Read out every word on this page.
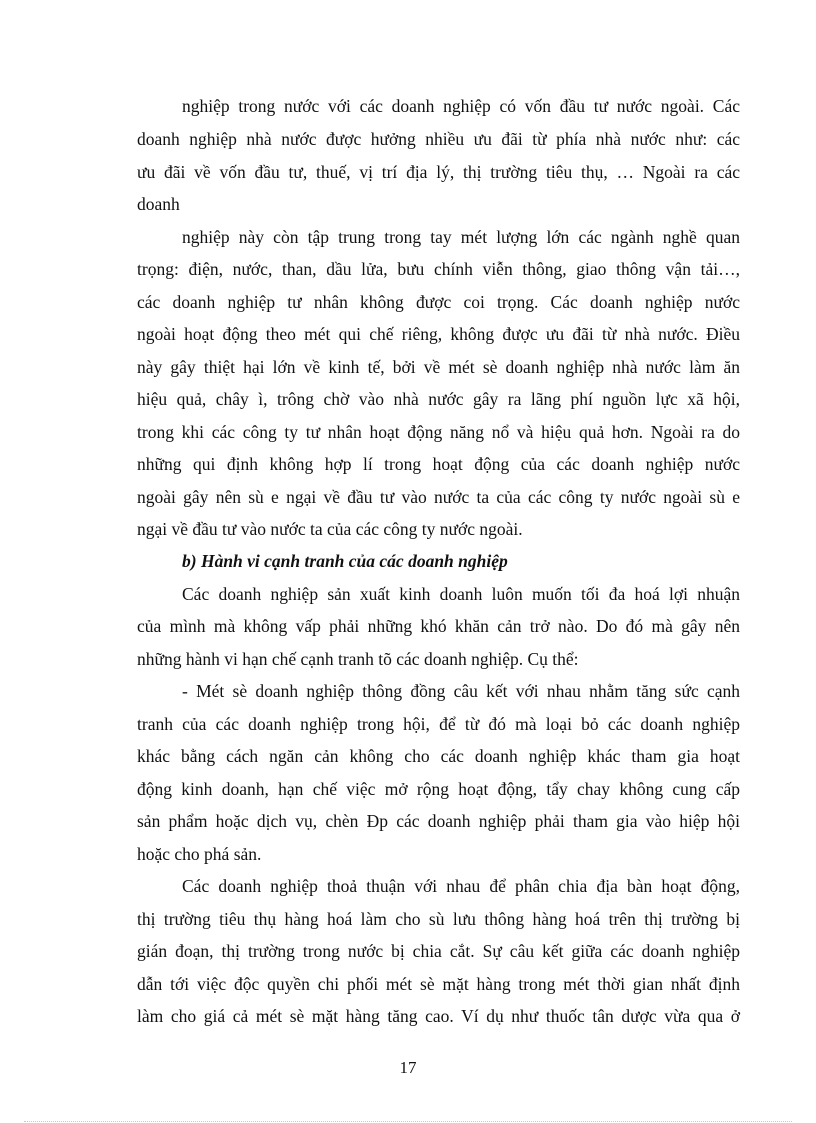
nghiệp trong nước với các doanh nghiệp có vốn đầu tư nước ngoài. Các
doanh nghiệp nhà nước được hưởng nhiều ưu đãi từ phía nhà nước như: các
ưu đãi về vốn đầu tư, thuế, vị trí địa lý, thị trường tiêu thụ, … Ngoài ra các
doanh
nghiệp này còn tập trung trong tay mét lượng lớn các ngành nghề quan
trọng: điện, nước, than, dầu lửa, bưu chính viễn thông, giao thông vận tải…,
các doanh nghiệp tư nhân không được coi trọng. Các doanh nghiệp nước
ngoài hoạt động theo mét qui chế riêng, không được ưu đãi từ nhà nước. Điều
này gây thiệt hại lớn về kinh tế, bởi về mét sè doanh nghiệp nhà nước làm ăn
hiệu quả, chây ì, trông chờ vào nhà nước gây ra lãng phí nguồn lực xã hội,
trong khi các công ty tư nhân hoạt động năng nổ và hiệu quả hơn. Ngoài ra do
những qui định không hợp lí trong hoạt động của các doanh nghiệp nước
ngoài gây nên sù e ngại về đầu tư vào nước ta của các công ty nước ngoài sù e
ngại về đầu tư vào nước ta của các công ty nước ngoài.
b) Hành vi cạnh tranh của các doanh nghiệp
Các doanh nghiệp sản xuất kinh doanh luôn muốn tối đa hoá lợi nhuận
của mình mà không vấp phải những khó khăn cản trở nào. Do đó mà gây nên
những hành vi hạn chế cạnh tranh tõ các doanh nghiệp. Cụ thể:
- Mét sè doanh nghiệp thông đồng câu kết với nhau nhằm tăng sức cạnh
tranh của các doanh nghiệp trong hội, để từ đó mà loại bỏ các doanh nghiệp
khác bằng cách ngăn cản không cho các doanh nghiệp khác tham gia hoạt
động kinh doanh, hạn chế việc mở rộng hoạt động, tẩy chay không cung cấp
sản phẩm hoặc dịch vụ, chèn Ðp các doanh nghiệp phải tham gia vào hiệp hội
hoặc cho phá sản.
Các doanh nghiệp thoả thuận với nhau để phân chia địa bàn hoạt động,
thị trường tiêu thụ hàng hoá làm cho sù lưu thông hàng hoá trên thị trường bị
gián đoạn, thị trường trong nước bị chia cắt. Sự câu kết giữa các doanh nghiệp
dẫn tới việc độc quyền chi phối mét sè mặt hàng trong mét thời gian nhất định
làm cho giá cả mét sè mặt hàng tăng cao. Ví dụ như thuốc tân dược vừa qua ở
17
